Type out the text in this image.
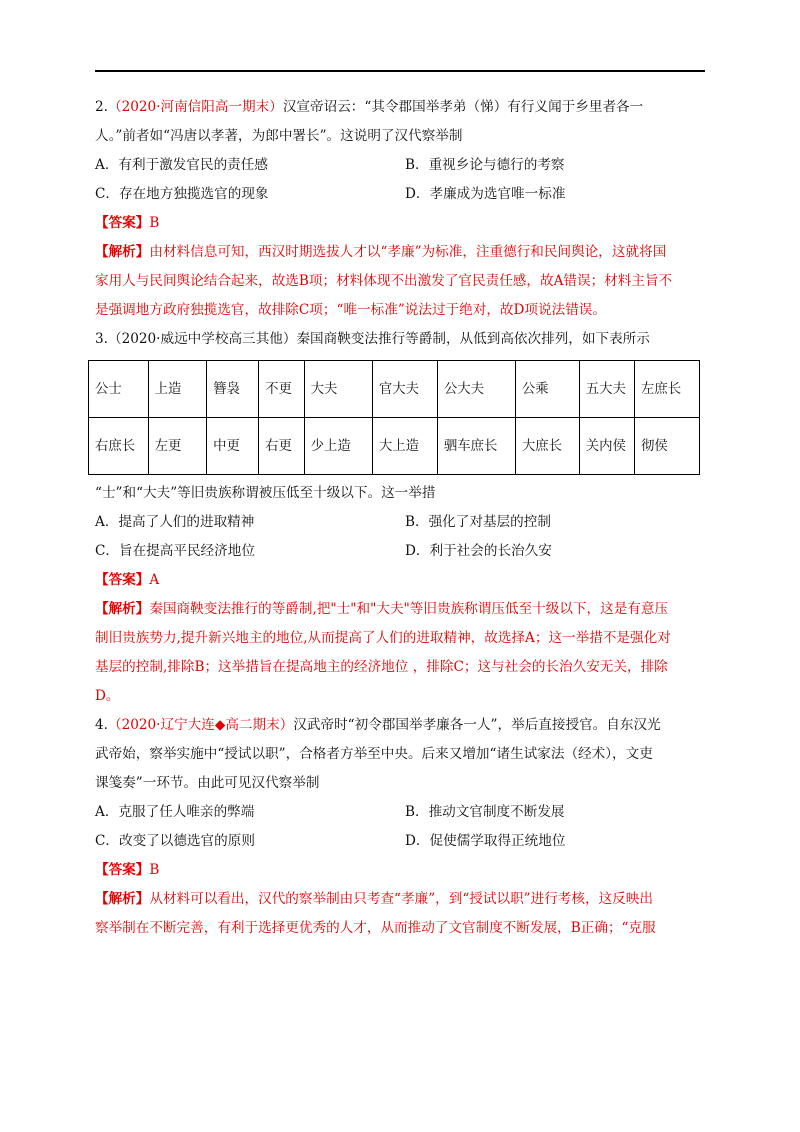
2.（2020·河南信阳高一期末）汉宣帝诏云：“其令郡国举孝弟（悌）有行义闻于乡里者各一
人。”前者如“冯唐以孝著，为郎中署长”。这说明了汉代察举制
A．有利于激发官民的责任感	B．重视乡论与德行的考察
C．存在地方独揽选官的现象	D．孝廉成为选官唯一标准
【答案】B
【解析】由材料信息可知，西汉时期选拔人才以“孝廉”为标准，注重德行和民间舆论，这就将国
家用人与民间舆论结合起来，故选B项；材料体现不出激发了官民责任感，故A错误；材料主旨不
是强调地方政府独揽选官，故排除C项；“唯一标准”说法过于绝对，故D项说法错误。
3.（2020·威远中学校高三其他）秦国商鞅变法推行等爵制，从低到高依次排列，如下表所示
公士	上造	簪袅	不更	大夫	官大夫	公大夫	公乘	五大夫	左庶长
右庶长	左更	中更	右更	少上造	大上造	驷车庶长	大庶长	关内侯	彻侯
“士”和“大夫”等旧贵族称谓被压低至十级以下。这一举措
A．提高了人们的进取精神	B．强化了对基层的控制
C．旨在提高平民经济地位	D．利于社会的长治久安
【答案】A
【解析】秦国商鞅变法推行的等爵制,把"士"和"大夫"等旧贵族称谓压低至十级以下，这是有意压
制旧贵族势力,提升新兴地主的地位,从而提高了人们的进取精神，故选择A；这一举措不是强化对
基层的控制,排除B；这举措旨在提高地主的经济地位 ，排除C；这与社会的长治久安无关，排除
D。
4.（2020·辽宁大连◆高二期末）汉武帝时“初令郡国举孝廉各一人”，举后直接授官。自东汉光
武帝始，察举实施中“授试以职”，合格者方举至中央。后来又增加“诸生试家法（经术），文吏
课笺奏”一环节。由此可见汉代察举制
A．克服了任人唯亲的弊端	B．推动文官制度不断发展
C．改变了以德选官的原则	D．促使儒学取得正统地位
【答案】B
【解析】从材料可以看出，汉代的察举制由只考查“孝廉”，到“授试以职”进行考核，这反映出
察举制在不断完善，有利于选择更优秀的人才，从而推动了文官制度不断发展，B正确；“克服
